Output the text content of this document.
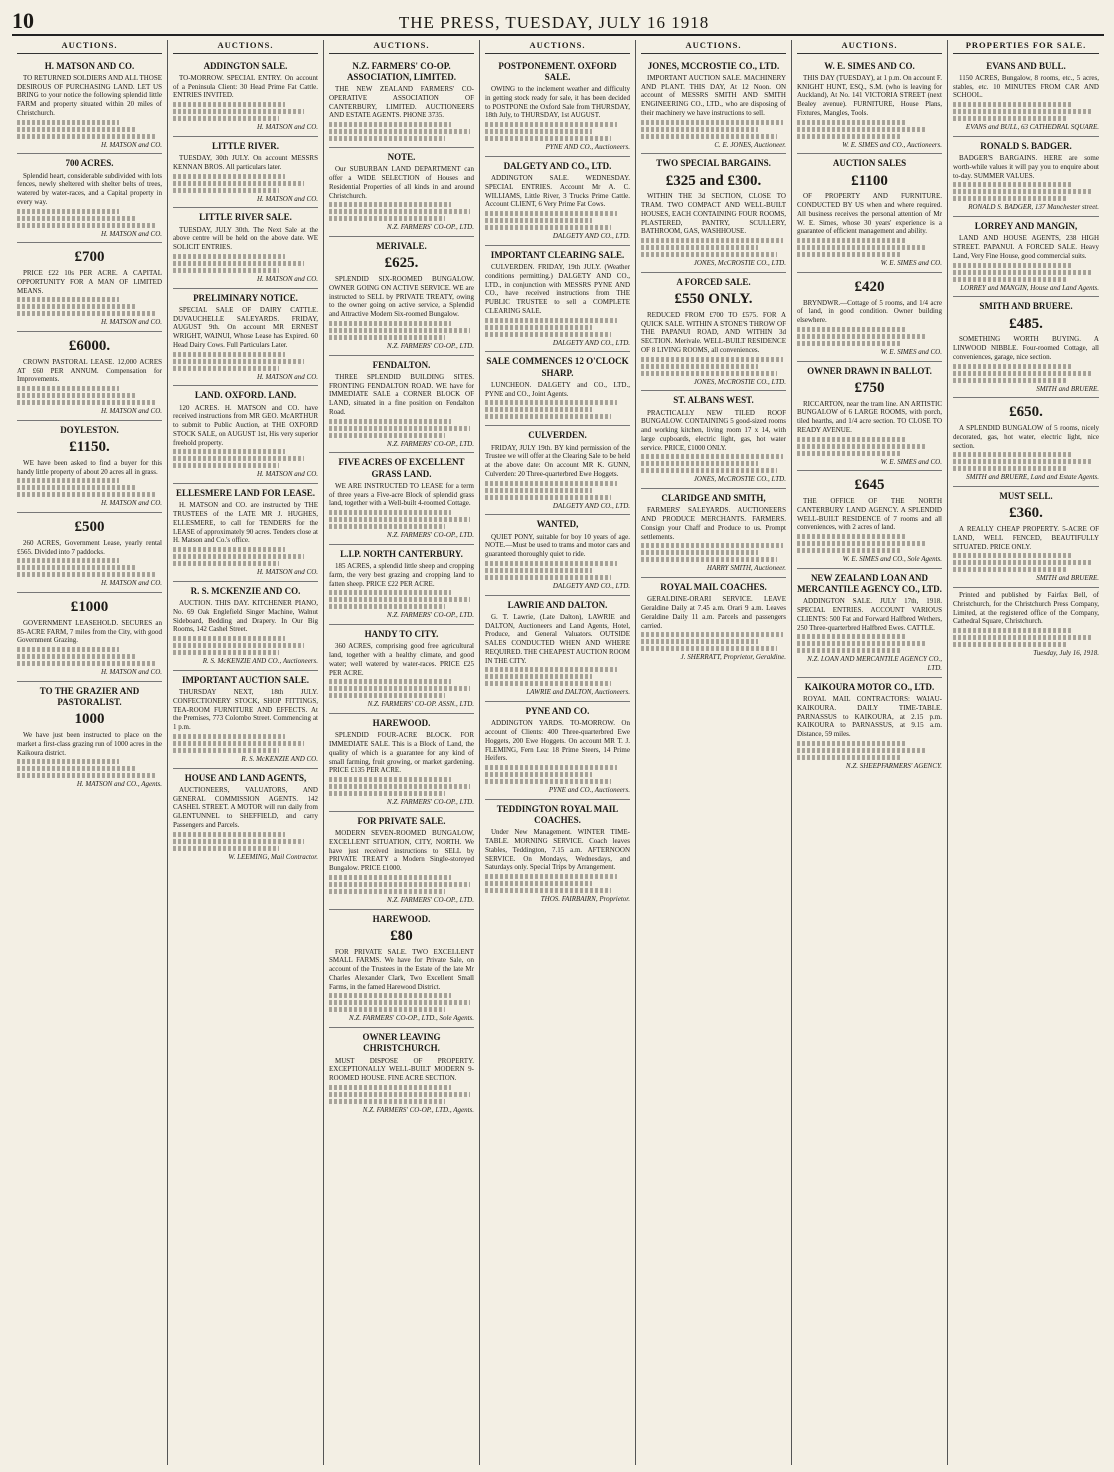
10	THE PRESS, TUESDAY, JULY 16 1918
AUCTIONS.
H. MATSON AND CO.

TO RETURNED SOLDIERS AND ALL THOSE DESIROUS OF PURCHASING LAND. LET US BRING to your notice the following splendid little FARM and property situated within 20 miles of Christchurch.

H. MATSON and CO.
700 ACRES.

Splendid heart, considerable subdivided with lots fences, newly sheltered with shelter belts of trees, watered by water-races, and a Capital property in every way.

H. MATSON and CO.
£700

PRICE £22 10s PER ACRE. A CAPITAL OPPORTUNITY FOR A MAN OF LIMITED MEANS.

H. MATSON and CO.
£6000.

CROWN PASTORAL LEASE. 12,000 ACRES AT £60 PER ANNUM. Compensation for Improvements.

H. MATSON and CO.
DOYLESTON.
£1150.

WE have been asked to find a buyer for this handy little property of about 20 acres all in grass.

H. MATSON and CO.
£500

260 ACRES, Government Lease, yearly rental £565. Divided into 7 paddocks.

H. MATSON and CO.
£1000

GOVERNMENT LEASEHOLD. SECURES an 85-ACRE FARM, 7 miles from the City, with good Government Grazing.

H. MATSON and CO.
TO THE GRAZIER AND PASTORALIST.
1000

We have just been instructed to place on the market a first-class grazing run of 1000 acres in the Kaikoura district.

H. MATSON and CO., Agents.
AUCTIONS.
ADDINGTON SALE.

TO-MORROW. SPECIAL ENTRY. On account of a Peninsula Client: 30 Head Prime Fat Cattle. ENTRIES INVITED.

H. MATSON and CO.
LITTLE RIVER.

TUESDAY, 30th JULY. On account MESSRS KENNAN BROS. All particulars later.

H. MATSON and CO.
LITTLE RIVER SALE.

TUESDAY, JULY 30th. The Next Sale at the above centre will be held on the above date. WE SOLICIT ENTRIES.

H. MATSON and CO.
PRELIMINARY NOTICE.

SPECIAL SALE OF DAIRY CATTLE. DUVAUCHELLE SALEYARDS. FRIDAY, AUGUST 9th. On account MR ERNEST WRIGHT, WAINUI, Whose Lease has Expired. 60 Head Dairy Cows. Full Particulars Later.

H. MATSON and CO.
LAND. OXFORD. LAND.

120 ACRES. H. MATSON and CO. have received instructions from MR GEO. McARTHUR to submit to Public Auction, at THE OXFORD STOCK SALE, on AUGUST 1st, His very superior freehold property.

H. MATSON and CO.
ELLESMERE LAND FOR LEASE.

H. MATSON and CO. are instructed by THE TRUSTEES of the LATE MR J. HUGHES, ELLESMERE, to call for TENDERS for the LEASE of approximately 90 acres. Tenders close at H. Matson and Co.'s office.

H. MATSON and CO.
R. S. MCKENZIE AND CO.

AUCTION. THIS DAY. KITCHENER PIANO, No. 69 Oak Englefield Singer Machine, Walnut Sideboard, Bedding and Drapery. In Our Big Rooms, 142 Cashel Street.

R. S. McKENZIE AND CO., Auctioneers.
IMPORTANT AUCTION SALE.

THURSDAY NEXT, 18th JULY. CONFECTIONERY STOCK, SHOP FITTINGS, TEA-ROOM FURNITURE AND EFFECTS. At the Premises, 773 Colombo Street. Commencing at 1 p.m.

R. S. McKENZIE AND CO.
HOUSE AND LAND AGENTS,

AUCTIONEERS, VALUATORS, AND GENERAL COMMISSION AGENTS. 142 CASHEL STREET. A MOTOR will run daily from GLENTUNNEL to SHEFFIELD, and carry Passengers and Parcels.

W. LEEMING, Mail Contractor.
AUCTIONS.
N.Z. FARMERS' CO-OP. ASSOCIATION, LIMITED.

THE NEW ZEALAND FARMERS' CO-OPERATIVE ASSOCIATION OF CANTERBURY, LIMITED. AUCTIONEERS AND ESTATE AGENTS. PHONE 3735.

NOTE.

Our SUBURBAN LAND DEPARTMENT can offer a WIDE SELECTION of Houses and Residential Properties of all kinds in and around Christchurch.

N.Z. FARMERS' CO-OP., LTD.
MERIVALE.
£625.

SPLENDID SIX-ROOMED BUNGALOW. OWNER GOING ON ACTIVE SERVICE. WE are instructed to SELL by PRIVATE TREATY, owing to the owner going on active service, a Splendid and Attractive Modern Six-roomed Bungalow.

N.Z. FARMERS' CO-OP., LTD.
FENDALTON.

THREE SPLENDID BUILDING SITES. FRONTING FENDALTON ROAD. WE have for IMMEDIATE SALE a CORNER BLOCK OF LAND, situated in a fine position on Fendalton Road.

N.Z. FARMERS' CO-OP., LTD.
FIVE ACRES OF EXCELLENT GRASS LAND.

WE ARE INSTRUCTED TO LEASE for a term of three years a Five-acre Block of splendid grass land, together with a Well-built 4-roomed Cottage.

N.Z. FARMERS' CO-OP., LTD.
L.I.P. NORTH CANTERBURY.

185 ACRES, a splendid little sheep and cropping farm, the very best grazing and cropping land to fatten sheep. PRICE £22 PER ACRE.

N.Z. FARMERS' CO-OP., LTD.
HANDY TO CITY.

360 ACRES, comprising good free agricultural land, together with a healthy climate, and good water; well watered by water-races. PRICE £25 PER ACRE.

N.Z. FARMERS' CO-OP. ASSN., LTD.
HAREWOOD.

SPLENDID FOUR-ACRE BLOCK. FOR IMMEDIATE SALE. This is a Block of Land, the quality of which is a guarantee for any kind of small farming, fruit growing, or market gardening. PRICE £135 PER ACRE.

N.Z. FARMERS' CO-OP., LTD.
FOR PRIVATE SALE.

MODERN SEVEN-ROOMED BUNGALOW, EXCELLENT SITUATION, CITY, NORTH. We have just received instructions to SELL by PRIVATE TREATY a Modern Single-storeyed Bungalow. PRICE £1000.

N.Z. FARMERS' CO-OP., LTD.
HAREWOOD.
£80

FOR PRIVATE SALE. TWO EXCELLENT SMALL FARMS. We have for Private Sale, on account of the Trustees in the Estate of the late Mr Charles Alexander Clark, Two Excellent Small Farms, in the famed Harewood District.

N.Z. FARMERS' CO-OP., LTD., Sole Agents.
OWNER LEAVING CHRISTCHURCH.

MUST DISPOSE OF PROPERTY. EXCEPTIONALLY WELL-BUILT MODERN 9-ROOMED HOUSE. FINE ACRE SECTION.

N.Z. FARMERS' CO-OP., LTD., Agents.
AUCTIONS.
POSTPONEMENT. OXFORD SALE.

OWING to the inclement weather and difficulty in getting stock ready for sale, it has been decided to POSTPONE the Oxford Sale from THURSDAY, 18th July, to THURSDAY, 1st AUGUST.

PYNE AND CO., Auctioneers.
DALGETY AND CO., LTD.

ADDINGTON SALE. WEDNESDAY. SPECIAL ENTRIES. Account Mr A. C. WILLIAMS, Little River, 3 Trucks Prime Cattle. Account CLIENT, 6 Very Prime Fat Cows.

DALGETY AND CO., LTD.
IMPORTANT CLEARING SALE.

CULVERDEN. FRIDAY, 19th JULY. (Weather conditions permitting.) DALGETY AND CO., LTD., in conjunction with MESSRS PYNE AND CO., have received instructions from THE PUBLIC TRUSTEE to sell a COMPLETE CLEARING SALE.

DALGETY AND CO., LTD.
SALE COMMENCES 12 O'CLOCK SHARP.

LUNCHEON. DALGETY and CO., LTD., PYNE and CO., Joint Agents.

CULVERDEN.

FRIDAY, JULY 19th. BY kind permission of the Trustee we will offer at the Clearing Sale to be held at the above date: On account MR K. GUNN, Culverden: 20 Three-quarterbred Ewe Hoggets.

DALGETY AND CO., LTD.
WANTED,

QUIET PONY, suitable for boy 10 years of age. NOTE.—Must be used to trams and motor cars and guaranteed thoroughly quiet to ride.

DALGETY AND CO., LTD.
LAWRIE AND DALTON.

G. T. Lawrie, (Late Dalton), LAWRIE and DALTON, Auctioneers and Land Agents, Hotel, Produce, and General Valuators. OUTSIDE SALES CONDUCTED WHEN AND WHERE REQUIRED. THE CHEAPEST AUCTION ROOM IN THE CITY.

LAWRIE and DALTON, Auctioneers.
PYNE AND CO.

ADDINGTON YARDS. TO-MORROW. On account of Clients: 400 Three-quarterbred Ewe Hoggets, 200 Ewe Hoggets. On account MR T. J. FLEMING, Fern Lea: 18 Prime Steers, 14 Prime Heifers.

PYNE and CO., Auctioneers.
TEDDINGTON ROYAL MAIL COACHES.

Under New Management. WINTER TIME-TABLE. MORNING SERVICE. Coach leaves Stables, Teddington, 7.15 a.m. AFTERNOON SERVICE. On Mondays, Wednesdays, and Saturdays only. Special Trips by Arrangement.

THOS. FAIRBAIRN, Proprietor.
AUCTIONS.
JONES, MCCROSTIE CO., LTD.

IMPORTANT AUCTION SALE. MACHINERY AND PLANT. THIS DAY, At 12 Noon. ON account of MESSRS SMITH AND SMITH ENGINEERING CO., LTD., who are disposing of their machinery we have instructions to sell.

C. E. JONES, Auctioneer.
TWO SPECIAL BARGAINS.
£325 and £300.

WITHIN THE 3d SECTION, CLOSE TO TRAM. TWO COMPACT AND WELL-BUILT HOUSES, EACH CONTAINING FOUR ROOMS, PLASTERED, PANTRY, SCULLERY, BATHROOM, GAS, WASHHOUSE.

JONES, McCROSTIE CO., LTD.
A FORCED SALE.
£550 ONLY.

REDUCED FROM £700 TO £575. FOR A QUICK SALE. WITHIN A STONE'S THROW OF THE PAPANUI ROAD, AND WITHIN 3d SECTION. Merivale. WELL-BUILT RESIDENCE OF 8 LIVING ROOMS, all conveniences.

JONES, McCROSTIE CO., LTD.
ST. ALBANS WEST.

PRACTICALLY NEW TILED ROOF BUNGALOW. CONTAINING 5 good-sized rooms and working kitchen, living room 17 x 14, with large cupboards, electric light, gas, hot water service. PRICE, £1000 ONLY.

JONES, McCROSTIE CO., LTD.
CLARIDGE AND SMITH,

FARMERS' SALEYARDS. AUCTIONEERS AND PRODUCE MERCHANTS. FARMERS. Consign your Chaff and Produce to us. Prompt settlements.

HARRY SMITH, Auctioneer.
ROYAL MAIL COACHES.

GERALDINE-ORARI SERVICE. LEAVE Geraldine Daily at 7.45 a.m. Orari 9 a.m. Leaves Geraldine Daily 11 a.m. Parcels and passengers carried.

J. SHERRATT, Proprietor, Geraldine.
AUCTIONS.
W. E. SIMES AND CO.

THIS DAY (TUESDAY), at 1 p.m. On account F. KNIGHT HUNT, ESQ., S.M. (who is leaving for Auckland), At No. 141 VICTORIA STREET (next Bealey avenue). FURNITURE, House Plans, Fixtures, Mangles, Tools.

W. E. SIMES and CO., Auctioneers.
AUCTION SALES
£1100

OF PROPERTY AND FURNITURE. CONDUCTED BY US when and where required. All business receives the personal attention of Mr W. E. Simes, whose 30 years' experience is a guarantee of efficient management and ability.

W. E. SIMES and CO.
£420

BRYNDWR.—Cottage of 5 rooms, and 1/4 acre of land, in good condition. Owner building elsewhere.

W. E. SIMES and CO.
OWNER DRAWN IN BALLOT.
£750

RICCARTON, near the tram line. AN ARTISTIC BUNGALOW of 6 LARGE ROOMS, with porch, tiled hearths, and 1/4 acre section. TO CLOSE TO READY AVENUE.

W. E. SIMES and CO.
£645

THE OFFICE OF THE NORTH CANTERBURY LAND AGENCY. A SPLENDID WELL-BUILT RESIDENCE of 7 rooms and all conveniences, with 2 acres of land.

W. E. SIMES and CO., Sole Agents.
NEW ZEALAND LOAN AND MERCANTILE AGENCY CO., LTD.

ADDINGTON SALE. JULY 17th, 1918. SPECIAL ENTRIES. ACCOUNT VARIOUS CLIENTS: 500 Fat and Forward Halfbred Wethers, 250 Three-quarterbred Halfbred Ewes. CATTLE.

N.Z. LOAN AND MERCANTILE AGENCY CO., LTD.
KAIKOURA MOTOR CO., LTD.

ROYAL MAIL CONTRACTORS: WAIAU-KAIKOURA. DAILY TIME-TABLE. PARNASSUS to KAIKOURA, at 2.15 p.m. KAIKOURA to PARNASSUS, at 9.15 a.m. Distance, 59 miles.

N.Z. SHEEPFARMERS' AGENCY.
PROPERTIES FOR SALE.
EVANS AND BULL.

1150 ACRES, Bungalow, 8 rooms, etc., 5 acres, stables, etc. 10 MINUTES FROM CAR AND SCHOOL.

EVANS and BULL, 63 CATHEDRAL SQUARE.
RONALD S. BADGER.

BADGER'S BARGAINS. HERE are some worth-while values it will pay you to enquire about to-day. SUMMER VALUES.

RONALD S. BADGER, 137 Manchester street.
LORREY AND MANGIN,

LAND AND HOUSE AGENTS, 238 HIGH STREET. PAPANUI. A FORCED SALE. Heavy Land, Very Fine House, good commercial suits.

LORREY and MANGIN, House and Land Agents.
SMITH AND BRUERE.
£485.

SOMETHING WORTH BUYING. A LINWOOD NIBBLE. Four-roomed Cottage, all conveniences, garage, nice section.

SMITH and BRUERE.
£650.

A SPLENDID BUNGALOW of 5 rooms, nicely decorated, gas, hot water, electric light, nice section.

SMITH and BRUERE, Land and Estate Agents.
MUST SELL.
£360.

A REALLY CHEAP PROPERTY. 5-ACRE OF LAND, WELL FENCED, BEAUTIFULLY SITUATED. PRICE ONLY.

SMITH and BRUERE.

Printed and published by Fairfax Bell, of Christchurch, for the Christchurch Press Company, Limited, at the registered office of the Company, Cathedral Square, Christchurch.

Tuesday, July 16, 1918.
